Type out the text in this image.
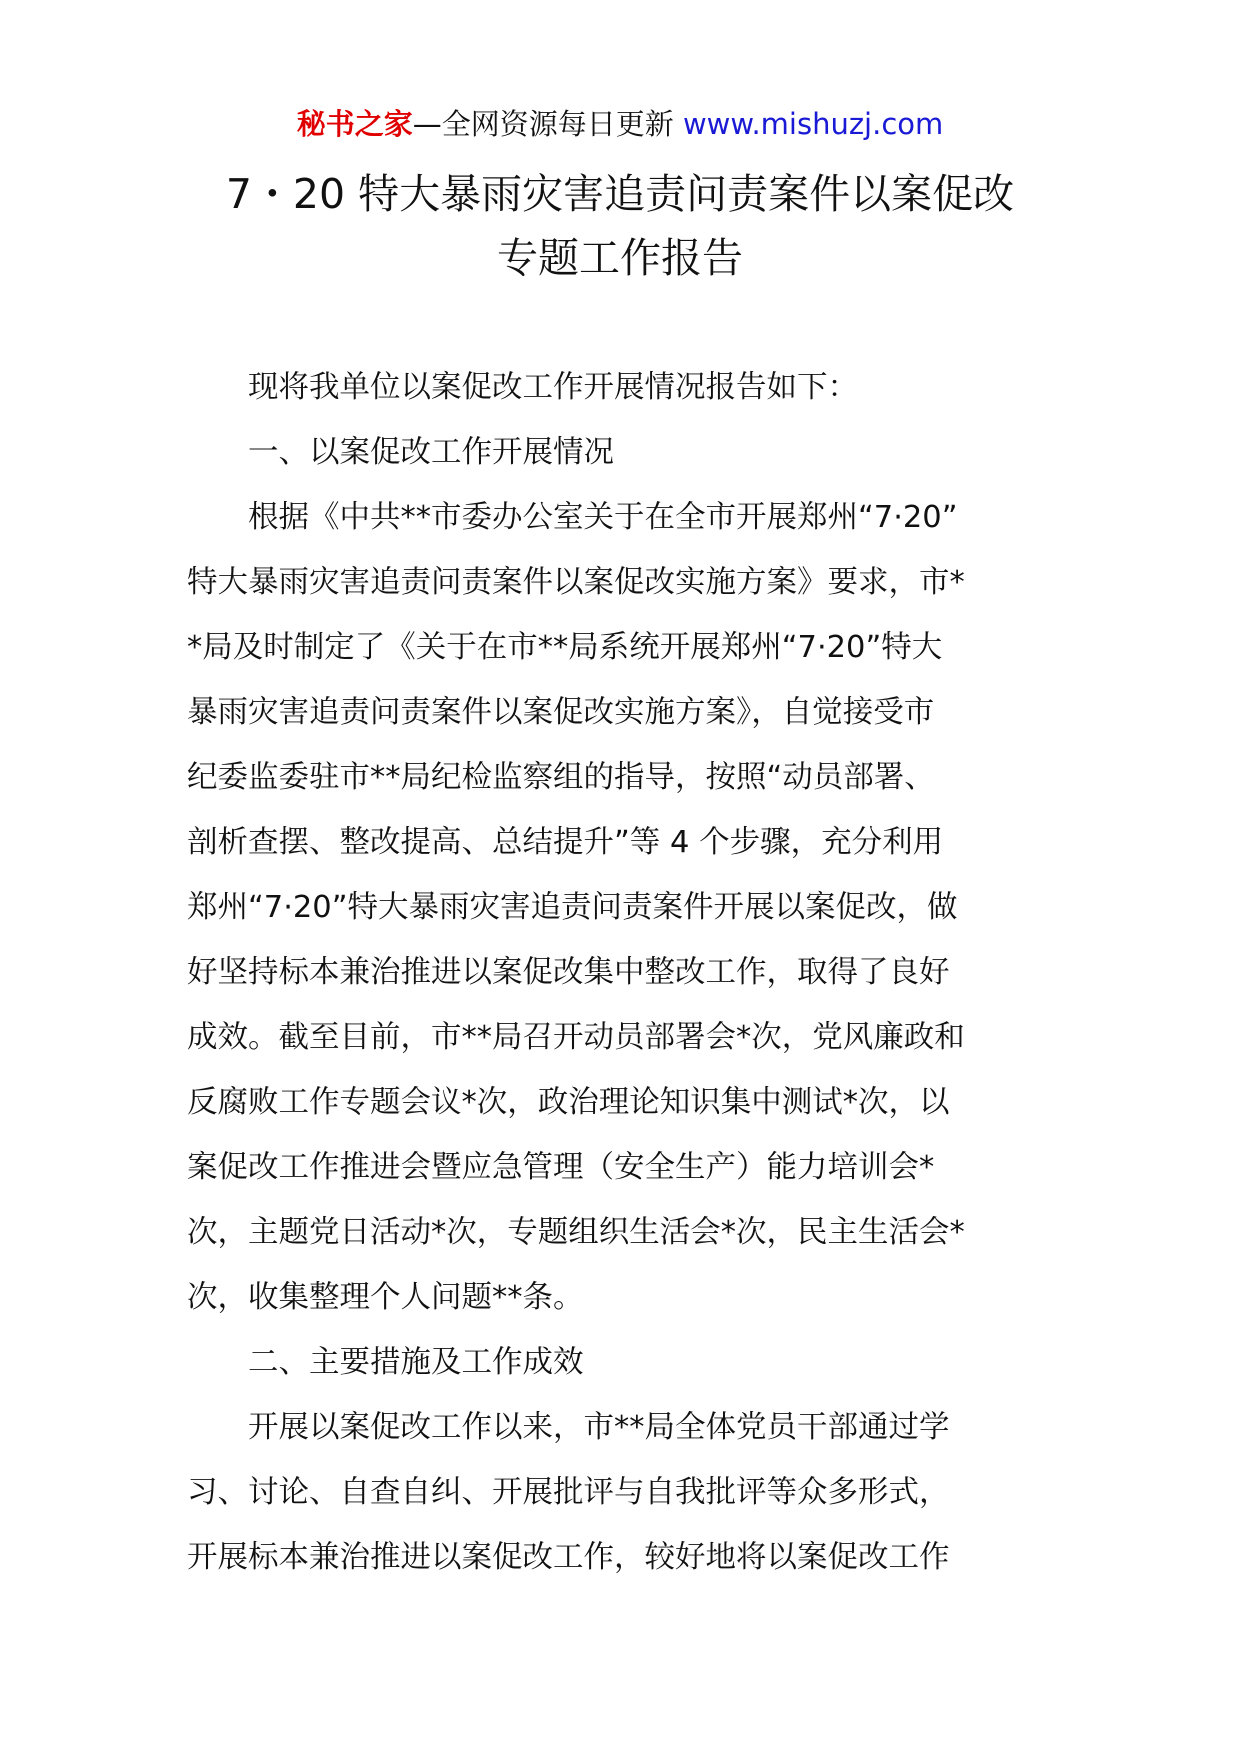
秘书之家—全网资源每日更新 www.mishuzj.com
7・20 特大暴雨灾害追责问责案件以案促改
专题工作报告

现将我单位以案促改工作开展情况报告如下：

一、以案促改工作开展情况

根据《中共**市委办公室关于在全市开展郑州“7·20”
特大暴雨灾害追责问责案件以案促改实施方案》要求，市*
*局及时制定了《关于在市**局系统开展郑州“7·20”特大
暴雨灾害追责问责案件以案促改实施方案》，自觉接受市
纪委监委驻市**局纪检监察组的指导，按照“动员部署、
剖析查摆、整改提高、总结提升”等 4 个步骤，充分利用
郑州“7·20”特大暴雨灾害追责问责案件开展以案促改，做
好坚持标本兼治推进以案促改集中整改工作，取得了良好
成效。截至目前，市**局召开动员部署会*次，党风廉政和
反腐败工作专题会议*次，政治理论知识集中测试*次，以
案促改工作推进会暨应急管理（安全生产）能力培训会*
次，主题党日活动*次，专题组织生活会*次，民主生活会*
次，收集整理个人问题**条。

二、主要措施及工作成效

开展以案促改工作以来，市**局全体党员干部通过学
习、讨论、自查自纠、开展批评与自我批评等众多形式，
开展标本兼治推进以案促改工作，较好地将以案促改工作
